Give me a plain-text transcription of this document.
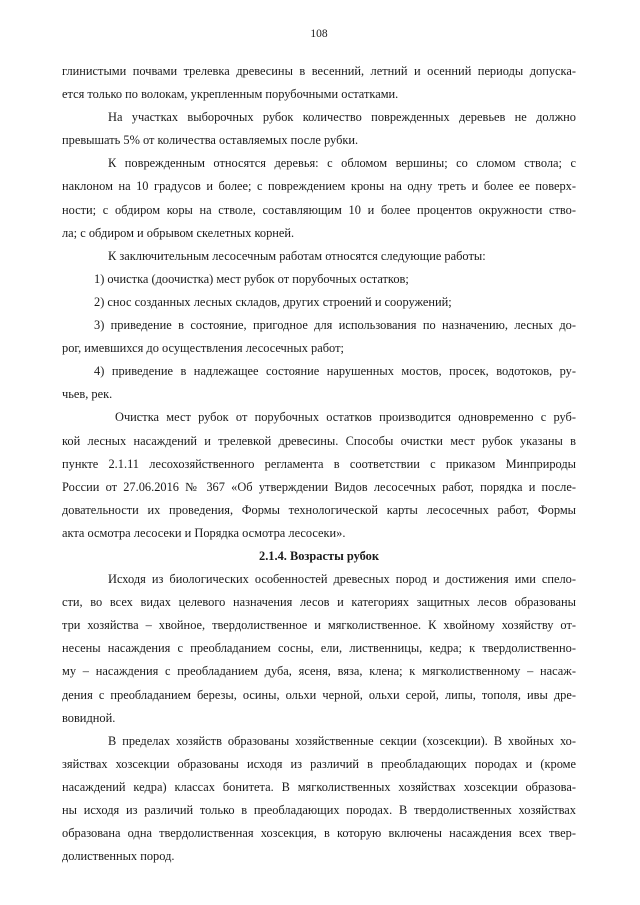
108
глинистыми почвами трелевка древесины в весенний, летний и осенний периоды допуска-
ется только по волокам, укрепленным порубочными остатками.
На участках выборочных рубок количество поврежденных деревьев не должно
превышать 5% от количества оставляемых после рубки.
К поврежденным относятся деревья: с обломом вершины; со сломом ствола; с
наклоном на 10 градусов и более; с повреждением кроны на одну треть и более ее поверх-
ности; с обдиром коры на стволе, составляющим 10 и более процентов окружности ство-
ла; с обдиром и обрывом скелетных корней.
К заключительным лесосечным работам относятся следующие работы:
1) очистка (доочистка) мест рубок от порубочных остатков;
2) снос созданных лесных складов, других строений и сооружений;
3) приведение в состояние, пригодное для использования по назначению, лесных до-
рог, имевшихся до осуществления лесосечных работ;
4) приведение в надлежащее состояние нарушенных мостов, просек, водотоков, ру-
чьев, рек.
Очистка мест рубок от порубочных остатков производится одновременно с руб-
кой лесных насаждений и трелевкой древесины. Способы очистки мест рубок указаны в
пункте 2.1.11 лесохозяйственного регламента в соответствии с приказом Минприроды
России от 27.06.2016 № 367 «Об утверждении Видов лесосечных работ, порядка и после-
довательности их проведения, Формы технологической карты лесосечных работ, Формы
акта осмотра лесосеки и Порядка осмотра лесосеки».
2.1.4. Возрасты рубок
Исходя из биологических особенностей древесных пород и достижения ими спело-
сти, во всех видах целевого назначения лесов и категориях защитных лесов образованы
три хозяйства – хвойное, твердолиственное и мягколиственное. К хвойному хозяйству от-
несены насаждения с преобладанием сосны, ели, лиственницы, кедра; к твердолиственно-
му – насаждения с преобладанием дуба, ясеня, вяза, клена; к мягколиственному – насаж-
дения с преобладанием березы, осины, ольхи черной, ольхи серой, липы, тополя, ивы дре-
вовидной.
В пределах хозяйств образованы хозяйственные секции (хозсекции). В хвойных хо-
зяйствах хозсекции образованы исходя из различий в преобладающих породах и (кроме
насаждений кедра) классах бонитета. В мягколиственных хозяйствах хозсекции образова-
ны исходя из различий только в преобладающих породах. В твердолиственных хозяйствах
образована одна твердолиственная хозсекция, в которую включены насаждения всех твер-
долиственных пород.
